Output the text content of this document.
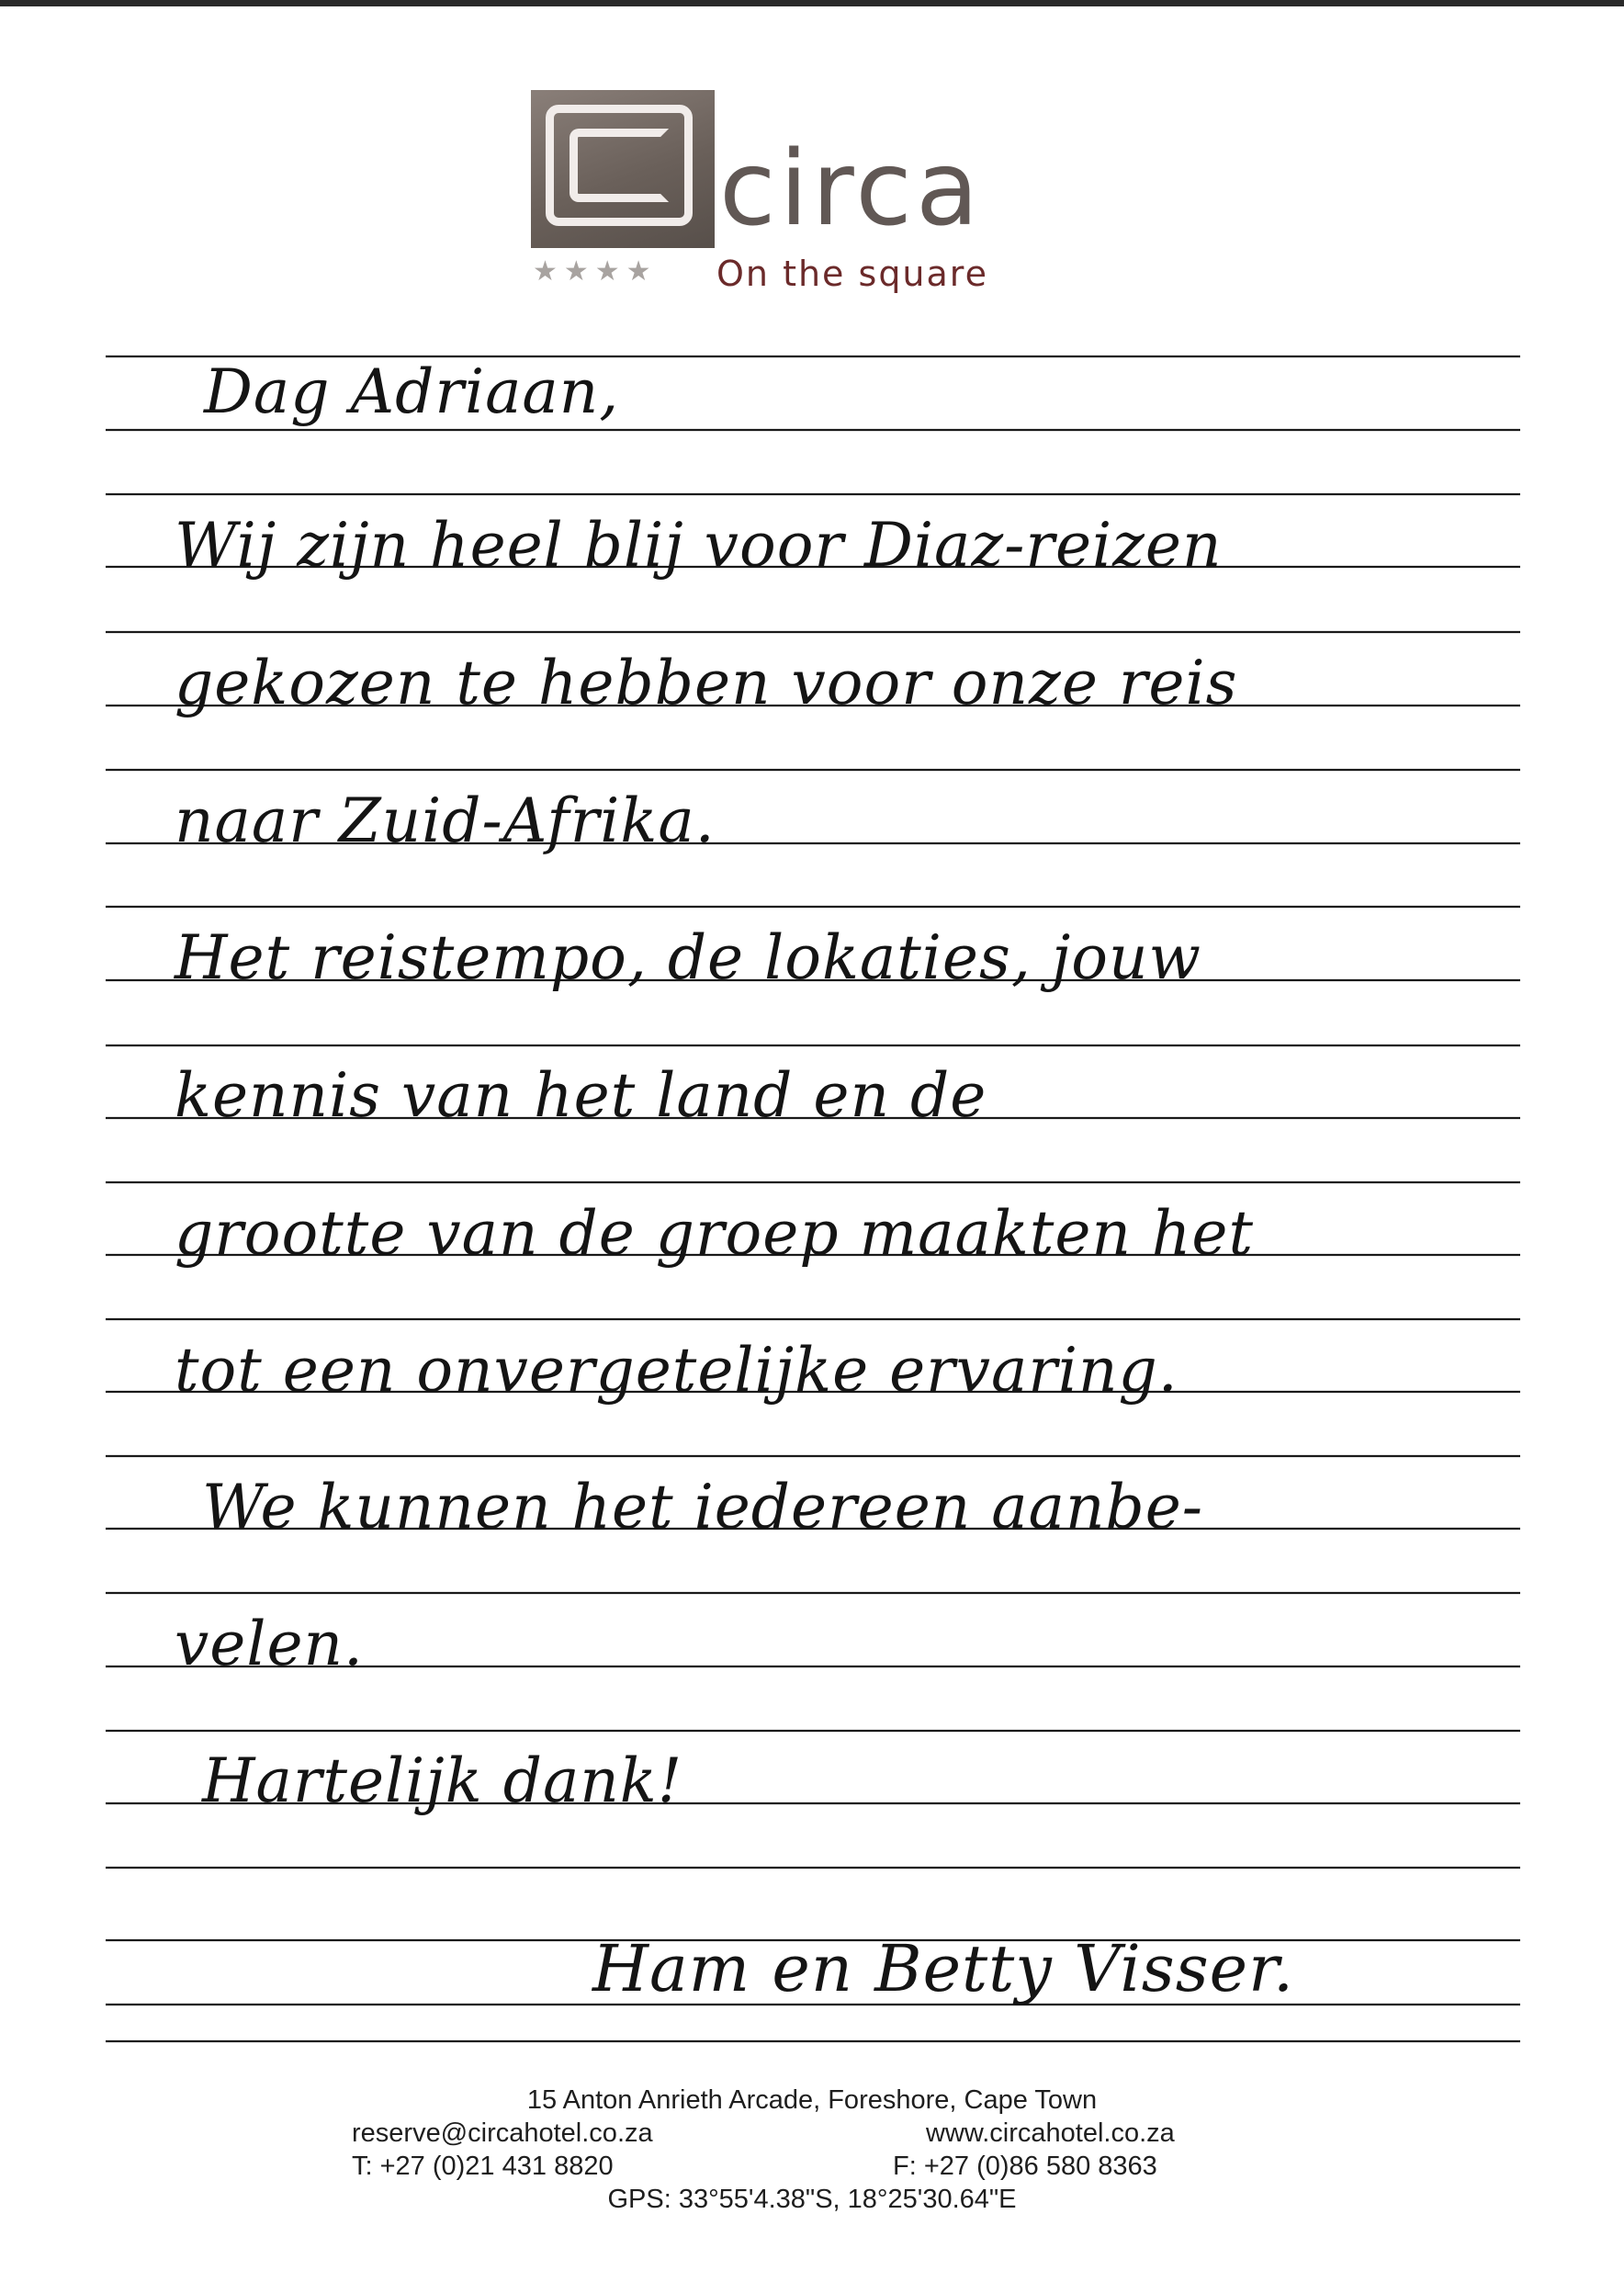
circa
★★★★ On the square
Dag Adriaan,
Wij zijn heel blij voor Diaz-reizen
gekozen te hebben voor onze reis
naar Zuid-Afrika.
Het reistempo, de lokaties, jouw
kennis van het land en de
grootte van de groep maakten het
tot een onvergetelijke ervaring.
We kunnen het iedereen aanbe-
velen.
Hartelijk dank!
Ham en Betty Visser.
15 Anton Anrieth Arcade, Foreshore, Cape Town
reserve@circahotel.co.za	www.circahotel.co.za
T: +27 (0)21 431 8820	F: +27 (0)86 580 8363
GPS: 33°55'4.38"S, 18°25'30.64"E
